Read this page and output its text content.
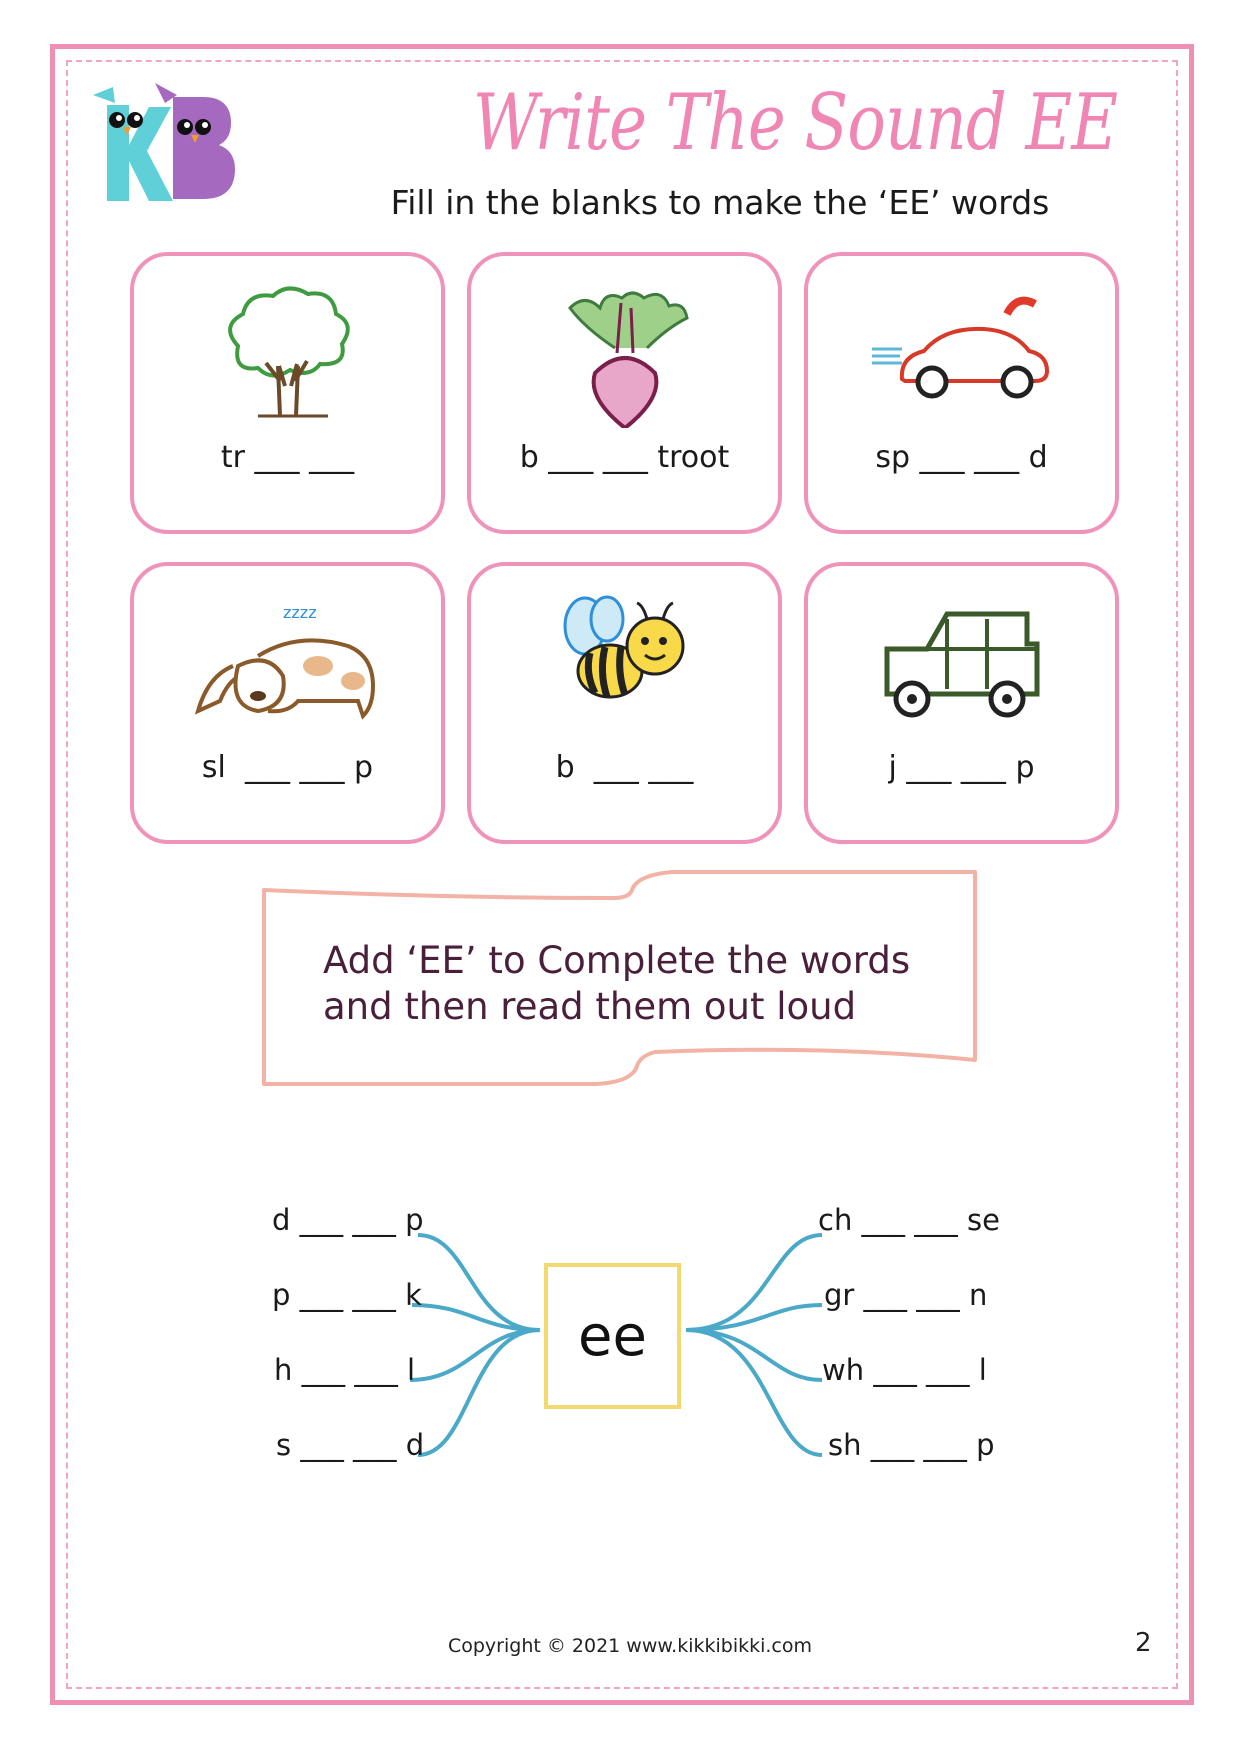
Write The Sound EE
Fill in the blanks to make the ‘EE’ words
tr ___ ___	b ___ ___ troot	sp ___ ___ d
zzzz
sl  ___ ___ p	b  ___ ___	j ___ ___ p
Add ‘EE’ to Complete the words
and then read them out loud
ee
d ___ ___ p
p ___ ___ k
h ___ ___ l
s ___ ___ d
ch ___ ___ se
gr ___ ___ n
wh ___ ___ l
sh ___ ___ p
Copyright © 2021 www.kikkibikki.com	2
